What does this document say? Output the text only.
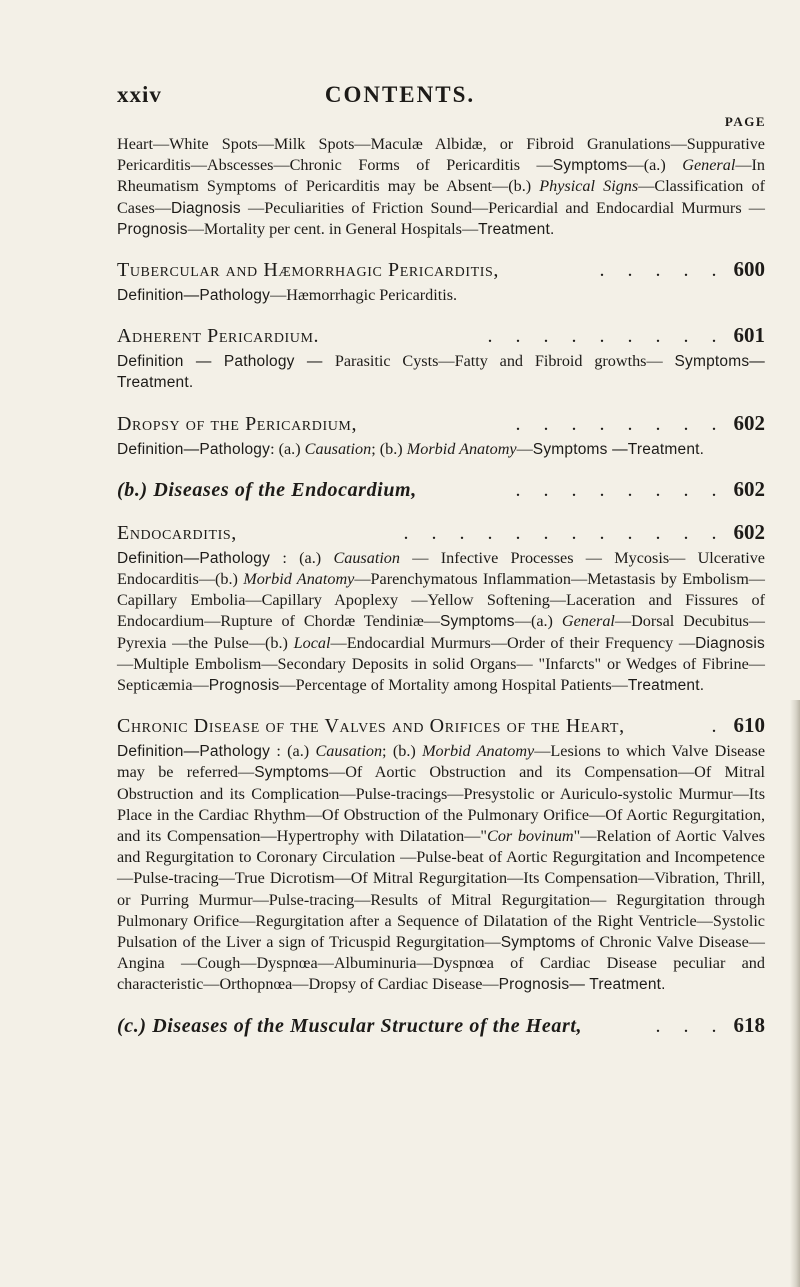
xxiv	CONTENTS.
PAGE

Heart—White Spots—Milk Spots—Maculæ Albidæ, or Fibroid Granulations—Suppurative Pericarditis—Abscesses—Chronic Forms of Pericarditis —Symptoms—(a.) General—In Rheumatism Symptoms of Pericarditis may be Absent—(b.) Physical Signs—Classification of Cases—Diagnosis —Peculiarities of Friction Sound—Pericardial and Endocardial Murmurs — Prognosis—Mortality per cent. in General Hospitals—Treatment.

Tubercular and Hæmorrhagic Pericarditis,	. . . . . 600

Definition—Pathology—Hæmorrhagic Pericarditis.

Adherent Pericardium.	. . . . . . . . . 601

Definition — Pathology — Parasitic Cysts—Fatty and Fibroid growths— Symptoms—Treatment.

Dropsy of the Pericardium,	. . . . . . . . 602

Definition—Pathology: (a.) Causation; (b.) Morbid Anatomy—Symptoms —Treatment.

(b.) Diseases of the Endocardium,	. . . . . . . . 602
Endocarditis,	. . . . . . . . . . . . 602

Definition—Pathology : (a.) Causation — Infective Processes — Mycosis— Ulcerative Endocarditis—(b.) Morbid Anatomy—Parenchymatous Inflammation—Metastasis by Embolism—Capillary Embolia—Capillary Apoplexy —Yellow Softening—Laceration and Fissures of Endocardium—Rupture of Chordæ Tendiniæ—Symptoms—(a.) General—Dorsal Decubitus—Pyrexia —the Pulse—(b.) Local—Endocardial Murmurs—Order of their Frequency —Diagnosis—Multiple Embolism—Secondary Deposits in solid Organs— "Infarcts" or Wedges of Fibrine—Septicæmia—Prognosis—Percentage of Mortality among Hospital Patients—Treatment.

Chronic Disease of the Valves and Orifices of the Heart,	. 610

Definition—Pathology : (a.) Causation; (b.) Morbid Anatomy—Lesions to which Valve Disease may be referred—Symptoms—Of Aortic Obstruction and its Compensation—Of Mitral Obstruction and its Complication—Pulse-tracings—Presystolic or Auriculo-systolic Murmur—Its Place in the Cardiac Rhythm—Of Obstruction of the Pulmonary Orifice—Of Aortic Regurgitation, and its Compensation—Hypertrophy with Dilatation—"Cor bovinum"—Relation of Aortic Valves and Regurgitation to Coronary Circulation —Pulse-beat of Aortic Regurgitation and Incompetence—Pulse-tracing—True Dicrotism—Of Mitral Regurgitation—Its Compensation—Vibration, Thrill, or Purring Murmur—Pulse-tracing—Results of Mitral Regurgitation— Regurgitation through Pulmonary Orifice—Regurgitation after a Sequence of Dilatation of the Right Ventricle—Systolic Pulsation of the Liver a sign of Tricuspid Regurgitation—Symptoms of Chronic Valve Disease—Angina —Cough—Dyspnœa—Albuminuria—Dyspnœa of Cardiac Disease peculiar and characteristic—Orthopnœa—Dropsy of Cardiac Disease—Prognosis— Treatment.

(c.) Diseases of the Muscular Structure of the Heart,	. . . 618
